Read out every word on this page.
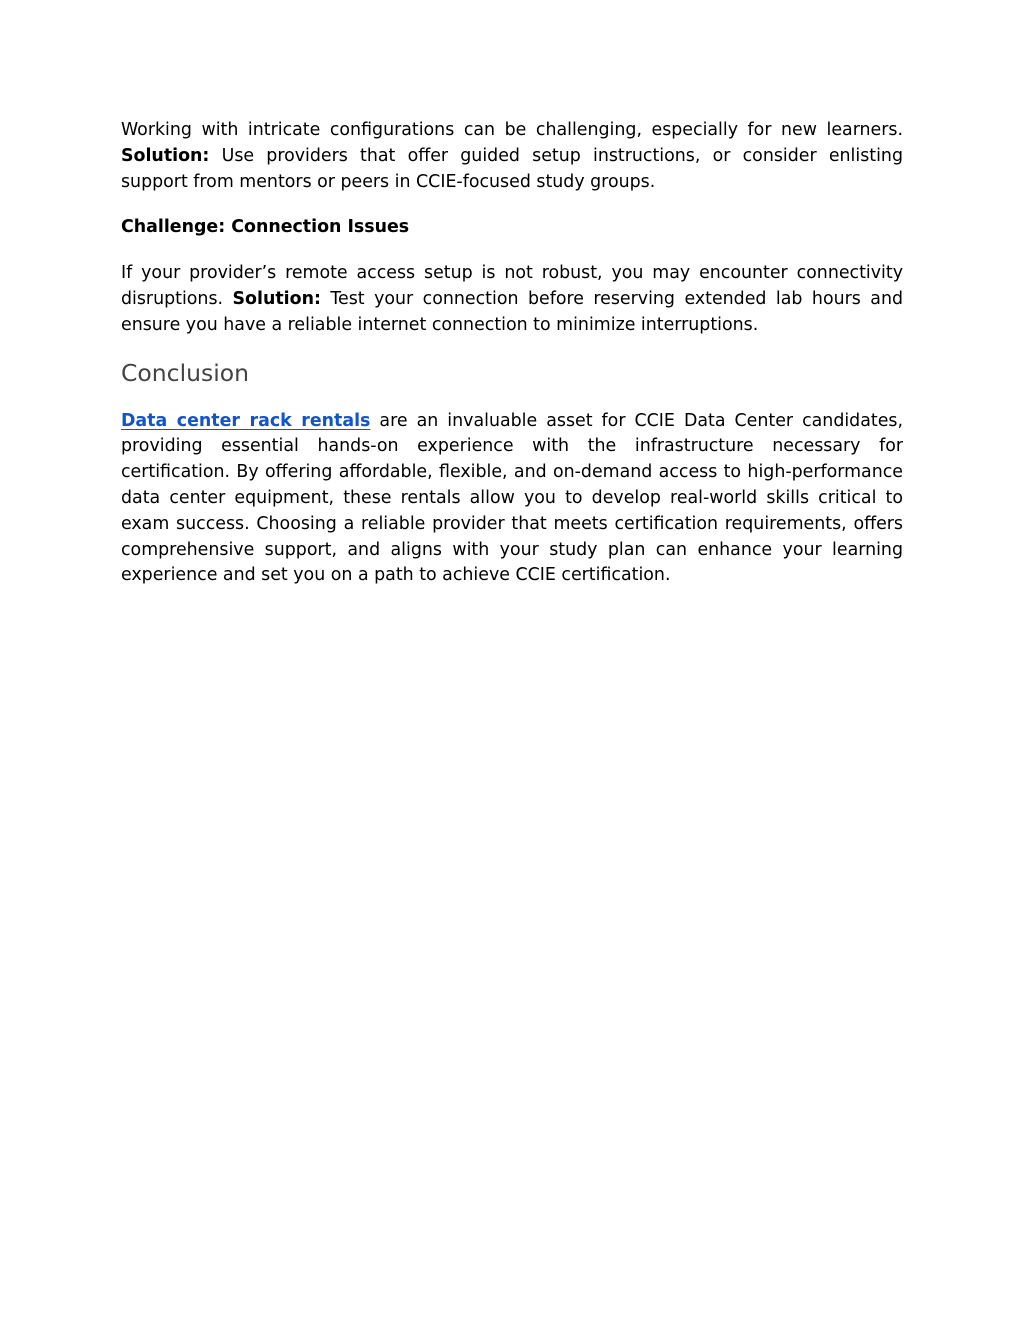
Working with intricate configurations can be challenging, especially for new learners. Solution: Use providers that offer guided setup instructions, or consider enlisting support from mentors or peers in CCIE-focused study groups.

Challenge: Connection Issues

If your provider’s remote access setup is not robust, you may encounter connectivity disruptions. Solution: Test your connection before reserving extended lab hours and ensure you have a reliable internet connection to minimize interruptions.

Conclusion

Data center rack rentals are an invaluable asset for CCIE Data Center candidates, providing essential hands-on experience with the infrastructure necessary for certification. By offering affordable, flexible, and on-demand access to high-performance data center equipment, these rentals allow you to develop real-world skills critical to exam success. Choosing a reliable provider that meets certification requirements, offers comprehensive support, and aligns with your study plan can enhance your learning experience and set you on a path to achieve CCIE certification.
